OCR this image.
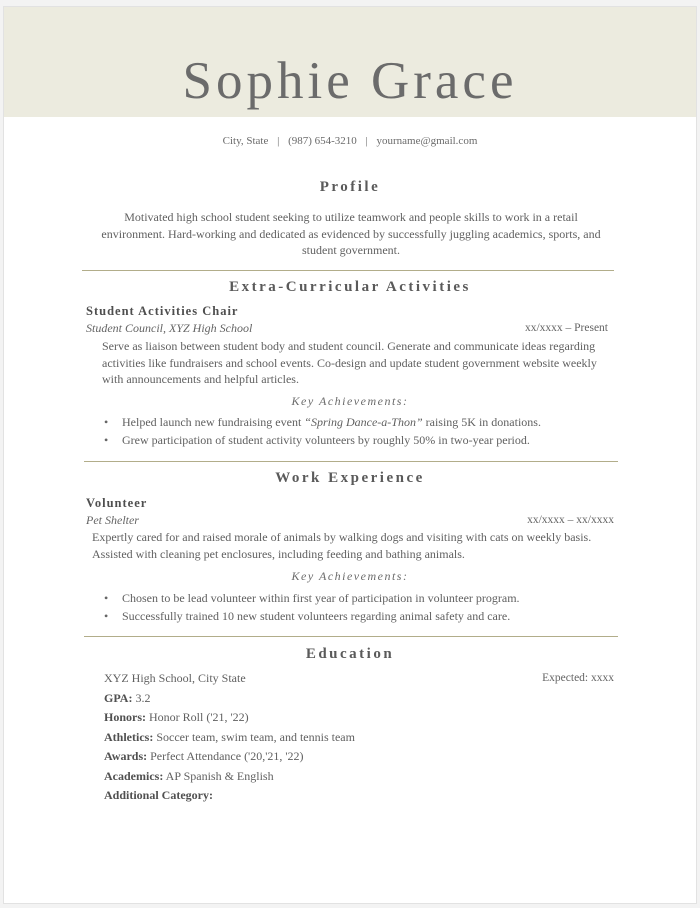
Sophie Grace
City, State | (987) 654-3210 | yourname@gmail.com
Profile
Motivated high school student seeking to utilize teamwork and people skills to work in a retail environment. Hard-working and dedicated as evidenced by successfully juggling academics, sports, and student government.
Extra-Curricular Activities
Student Activities Chair
Student Council, XYZ High School	xx/xxxx – Present
Serve as liaison between student body and student council. Generate and communicate ideas regarding activities like fundraisers and school events. Co-design and update student government website weekly with announcements and helpful articles.
Key Achievements:
• Helped launch new fundraising event “Spring Dance-a-Thon” raising 5K in donations.
• Grew participation of student activity volunteers by roughly 50% in two-year period.
Work Experience
Volunteer
Pet Shelter	xx/xxxx – xx/xxxx
Expertly cared for and raised morale of animals by walking dogs and visiting with cats on weekly basis. Assisted with cleaning pet enclosures, including feeding and bathing animals.
Key Achievements:
• Chosen to be lead volunteer within first year of participation in volunteer program.
• Successfully trained 10 new student volunteers regarding animal safety and care.
Education
XYZ High School, City State
GPA: 3.2
Honors: Honor Roll ('21, '22)
Athletics: Soccer team, swim team, and tennis team
Awards: Perfect Attendance ('20,'21, '22)
Academics: AP Spanish & English
Additional Category:
Expected: xxxx
